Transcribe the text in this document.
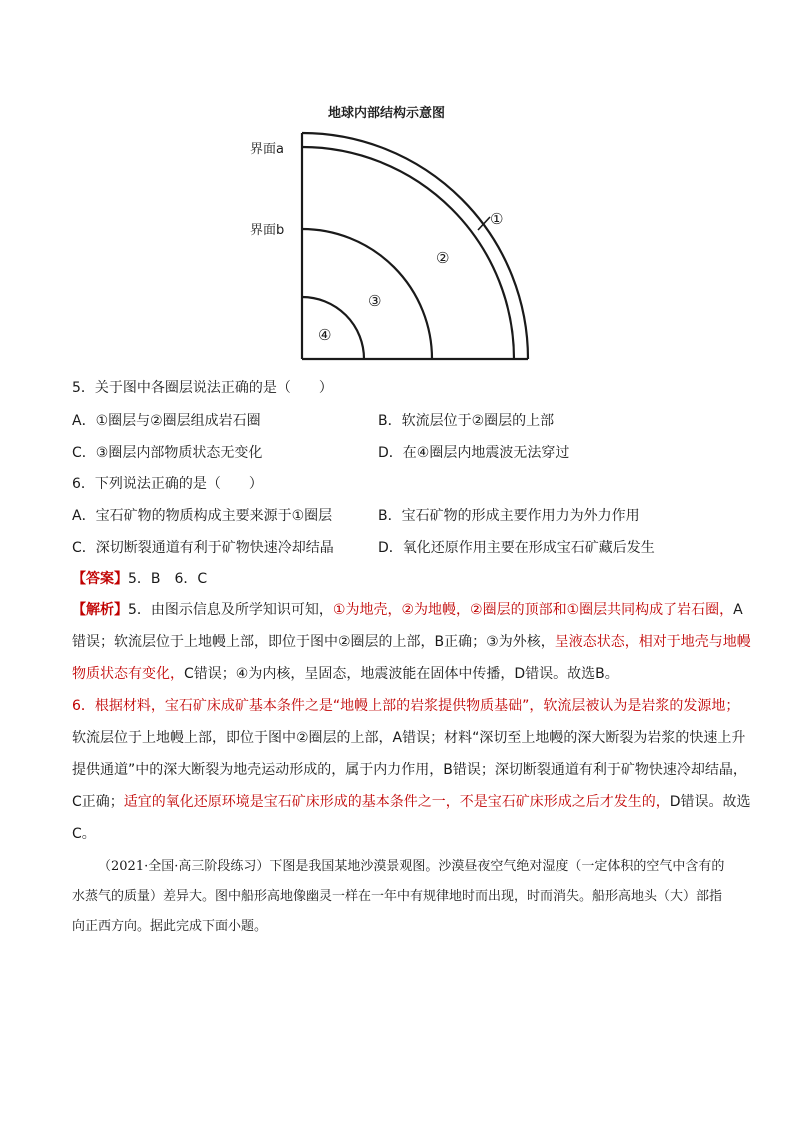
地球内部结构示意图
界面a
界面b
①
②
③
④
5．关于图中各圈层说法正确的是（　　）
A．①圈层与②圈层组成岩石圈	B．软流层位于②圈层的上部
C．③圈层内部物质状态无变化	D．在④圈层内地震波无法穿过
6．下列说法正确的是（　　）
A．宝石矿物的物质构成主要来源于①圈层	B．宝石矿物的形成主要作用力为外力作用
C．深切断裂通道有利于矿物快速冷却结晶	D．氧化还原作用主要在形成宝石矿藏后发生
【答案】5．B　6．C
【解析】5．由图示信息及所学知识可知，①为地壳，②为地幔，②圈层的顶部和①圈层共同构成了岩石圈，A错误；软流层位于上地幔上部，即位于图中②圈层的上部，B正确；③为外核，呈液态状态，相对于地壳与地幔物质状态有变化，C错误；④为内核，呈固态，地震波能在固体中传播，D错误。故选B。
6．根据材料，宝石矿床成矿基本条件之是“地幔上部的岩浆提供物质基础”，软流层被认为是岩浆的发源地；软流层位于上地幔上部，即位于图中②圈层的上部，A错误；材料“深切至上地幔的深大断裂为岩浆的快速上升提供通道”中的深大断裂为地壳运动形成的，属于内力作用，B错误；深切断裂通道有利于矿物快速冷却结晶，C正确；适宜的氧化还原环境是宝石矿床形成的基本条件之一，不是宝石矿床形成之后才发生的，D错误。故选C。
（2021·全国·高三阶段练习）下图是我国某地沙漠景观图。沙漠昼夜空气绝对湿度（一定体积的空气中含有的水蒸气的质量）差异大。图中船形高地像幽灵一样在一年中有规律地时而出现，时而消失。船形高地头（大）部指向正西方向。据此完成下面小题。
